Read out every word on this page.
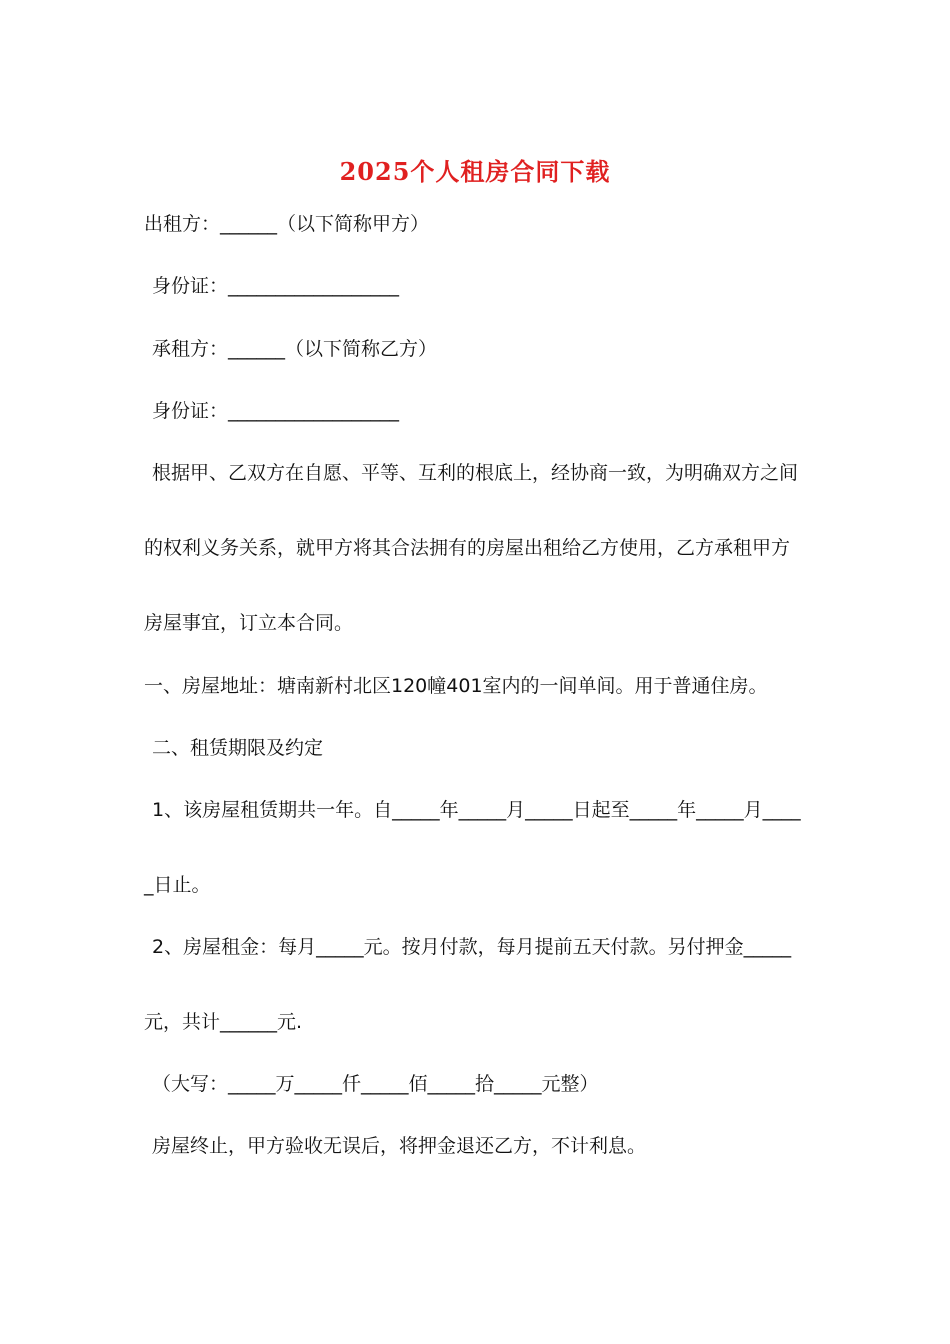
2025个人租房合同下载
出租方：______（以下简称甲方）
身份证：__________________
承租方：______（以下简称乙方）
身份证：__________________
根据甲、乙双方在自愿、平等、互利的根底上，经协商一致，为明确双方之间
的权利义务关系，就甲方将其合法拥有的房屋出租给乙方使用，乙方承租甲方
房屋事宜，订立本合同。
一、房屋地址：塘南新村北区120幢401室内的一间单间。用于普通住房。
二、租赁期限及约定
1、该房屋租赁期共一年。自_____年_____月_____日起至_____年_____月____
_日止。
2、房屋租金：每月_____元。按月付款，每月提前五天付款。另付押金_____
元，共计______元.
（大写：_____万_____仟_____佰_____拾_____元整）
房屋终止，甲方验收无误后，将押金退还乙方，不计利息。
